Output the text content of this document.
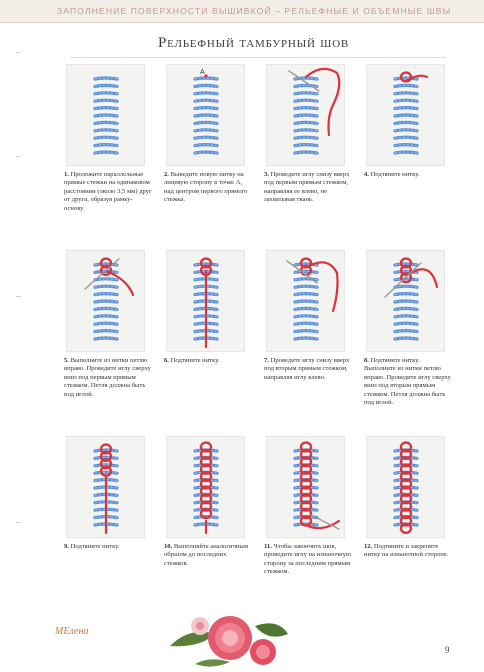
ЗАПОЛНЕНИЕ ПОВЕРХНОСТИ ВЫШИВКОЙ – РЕЛЬЕФНЫЕ И ОБЪЕМНЫЕ ШВЫ
Рельефный тамбурный шов
1. Проложите параллельные прямые стежки на одинаковом расстоянии (около 3,5 мм) друг от друга, образуя рамку-основу.
A
2. Выведите новую нитку на лицевую сторону в точке А, над центром первого прямого стежка.
3. Проведите иглу снизу вверх под первым прямым стежком, направляя ее влево, не захватывая ткань.
4. Подтяните нитку.
5. Выполните из нитки петлю вправо. Проведите иглу сверху вниз под первым прямым стежком. Петля должна быть под иглой.
6. Подтяните нитку.	7. Проведите иглу снизу вверх под вторым прямым стежком, направляя иглу влево.
8. Подтяните нитку. Выполните из нитки петлю вправо. Проведите иглу сверху вниз под вторым прямым стежком. Петля должна быть под иглой.
9. Подтяните нитку.	10. Выполняйте аналогичным образом до последних стежков.
11. Чтобы закончить шов, проведите иглу на изнаночную сторону за последним прямым стежком.
12. Подтяните и закрепите нитку на изнаночной стороне.
МЕлена
9
